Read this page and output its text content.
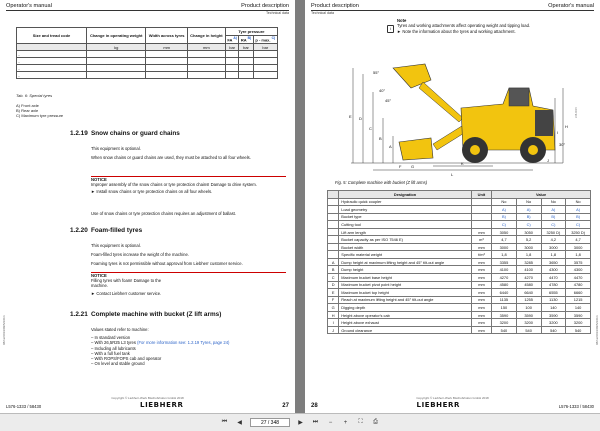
Operator's manual	Product description
Technical data
Size and tread code	Change in operating weight	Width across tyres	Change in height	Tyre pressure		
				FA $^{A)}$	RA $^{B)}$	p - max. $^{C)}$
	kg	mm	mm	bar	bar	bar
..						
..						
..						
..						
Tab. 6: Special tyres
A) Front axle
B) Rear axle
C) Maximum tyre pressure
1.2.19 Snow chains or guard chains
This equipment is optional.
When snow chains or guard chains are used, they must be attached to all four wheels.
NOTICE
Improper assembly of the snow chains or tyre protection chains! Damage to drive system.
► Install snow chains or tyre protection chains on all four wheels.
Use of snow chains or tyre protection chains requires an adjustment of ballast.
1.2.20 Foam-filled tyres
This equipment is optional.
Foam-filled tyres increase the weight of the machine.
Foaming tyres is not permissible without approval from Liebherr customer service.
NOTICE
Filling tyres with foam! Damage to the machine.
► Contact Liebherr customer service.
1.2.21 Complete machine with bucket (Z lift arms)
Values stated refer to machine:
– In standard version
– With 26,5R25 L3 tyres (For more information see: 1.2.19 Tyres, page 24)
– Including all lubricants
– With a full fuel tank
– With ROPS/FOPS cab and operator
– On level and stable ground
08/12/2019/09/5/2/Dm
Copyright © Liebherr-Werk Bischofshofen GmbH 2018
L576-1333 / 58430	LIEBHERR	27
Product description	Operator's manual
Technical data
i
Note
Tyres and working attachments affect operating weight and tipping load.
► Note the information about the tyres and working attachment.
55°
40°
45°
30°
L
K
E D
C
B
A
H
I
J
F G
L56.0015
Fig. 5: Complete machine with bucket (Z lift arms)
	Designation	Unit	Value			
	Hydraulic quick coupler		No	No	No	No
	Load geometry		A)	A)	A)	A)
	Bucket type		B)	B)	B)	B)
	Cutting tool		C)	C)	C)	C)
	Lift arm length	mm	3050	3050	3250 D)	3250 D)
	Bucket capacity as per ISO 7546 E)	m³	4,7	5,2	4,2	4,7
	Bucket width	mm	3000	3000	3000	3000
	Specific material weight	t/m³	1,8	1,8	1,8	1,8
A	Dump height at maximum lifting height and 45° tilt-out angle	mm	3355	3285	3650	3575
B	Dump height	mm	4100	4100	4300	4300
C	Maximum bucket base height	mm	4270	4270	4470	4470
D	Maximum bucket pivot point height	mm	4580	4580	4780	4780
E	Maximum bucket top height	mm	6440	6640	6555	6660
F	Reach at maximum lifting height and 45° tilt-out angle	mm	1135	1255	1130	1215
G	Digging depth	mm	150	100	140	140
H	Height above operator's cab	mm	3590	3590	3590	3590
I	Height above exhaust	mm	3200	3200	3200	3200
J	Ground clearance	mm	540	540	540	540	08/12/2019/09/5/2/Dm
Copyright © Liebherr-Werk Bischofshofen GmbH 2018
28	LIEBHERR	L576-1333 / 58430
⏮	◀
27 / 348	▶	⏭	−	+	⛶	⎙
